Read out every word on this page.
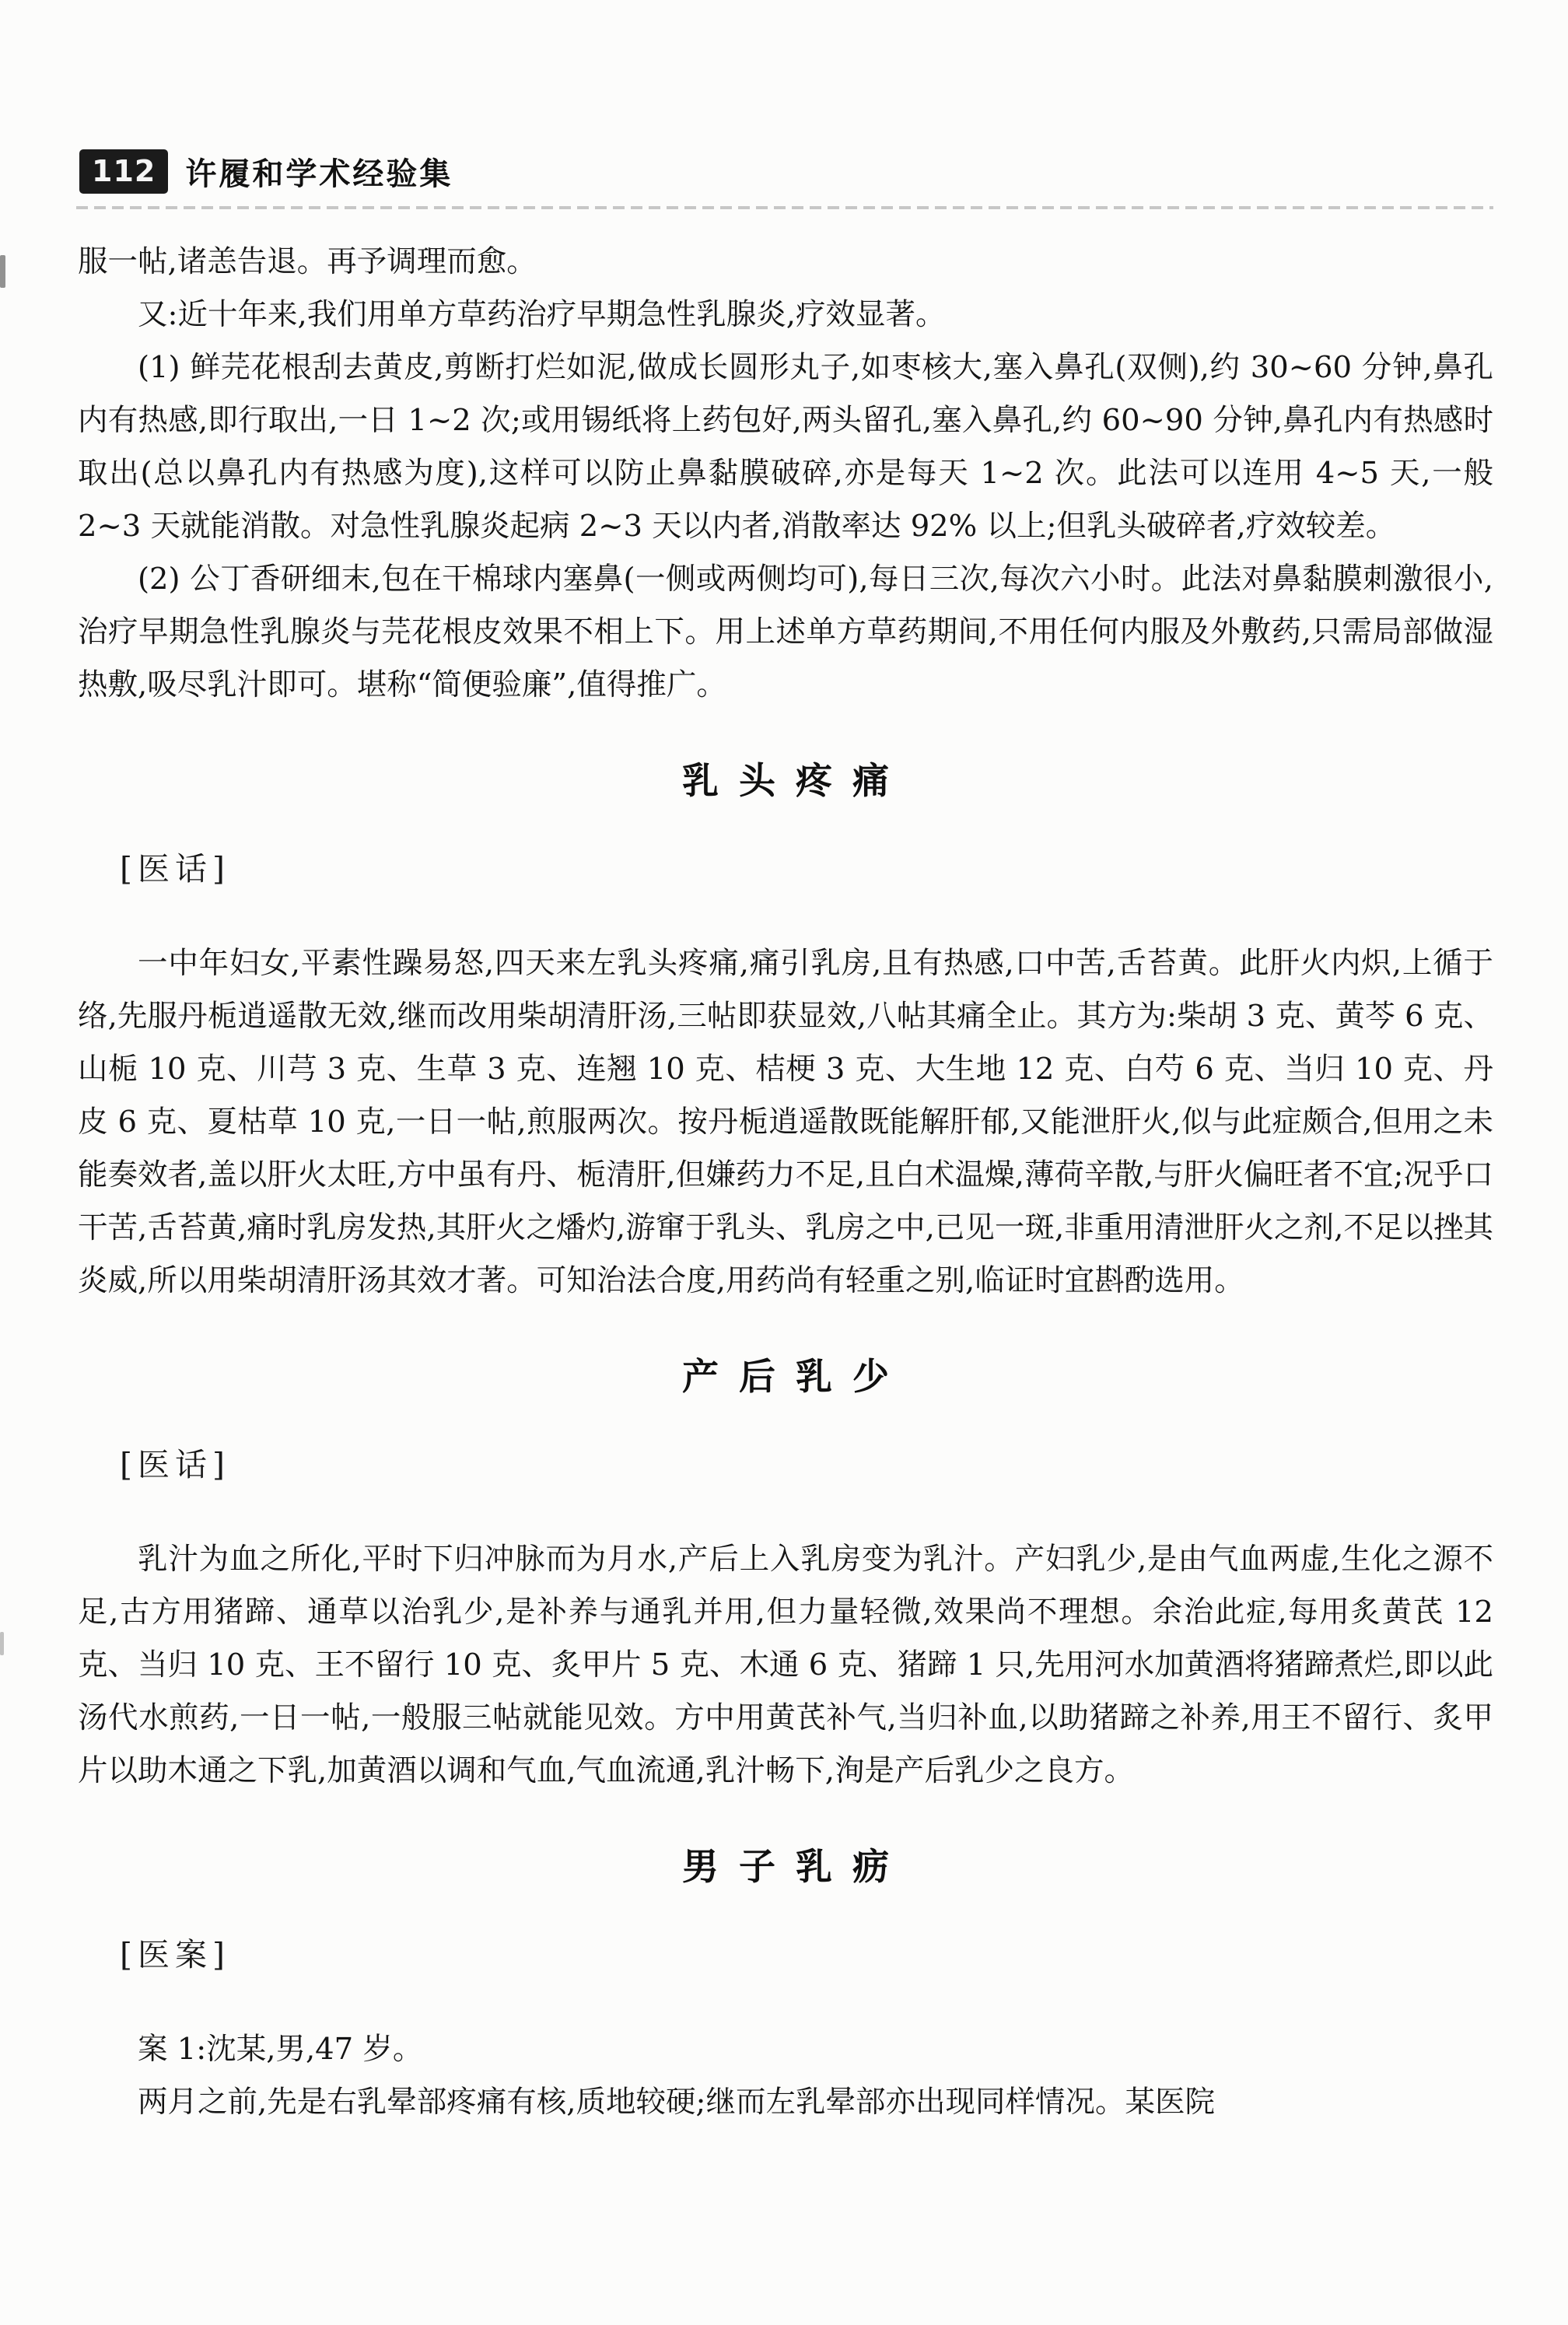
112 许履和学术经验集

服一帖,诸恙告退。再予调理而愈。

又:近十年来,我们用单方草药治疗早期急性乳腺炎,疗效显著。

(1) 鲜芫花根刮去黄皮,剪断打烂如泥,做成长圆形丸子,如枣核大,塞入鼻孔(双侧),约 30~60 分钟,鼻孔内有热感,即行取出,一日 1~2 次;或用锡纸将上药包好,两头留孔,塞入鼻孔,约 60~90 分钟,鼻孔内有热感时取出(总以鼻孔内有热感为度),这样可以防止鼻黏膜破碎,亦是每天 1~2 次。此法可以连用 4~5 天,一般 2~3 天就能消散。对急性乳腺炎起病 2~3 天以内者,消散率达 92% 以上;但乳头破碎者,疗效较差。

(2) 公丁香研细末,包在干棉球内塞鼻(一侧或两侧均可),每日三次,每次六小时。此法对鼻黏膜刺激很小,治疗早期急性乳腺炎与芫花根皮效果不相上下。用上述单方草药期间,不用任何内服及外敷药,只需局部做湿热敷,吸尽乳汁即可。堪称“简便验廉”,值得推广。

乳头疼痛
[医话]

一中年妇女,平素性躁易怒,四天来左乳头疼痛,痛引乳房,且有热感,口中苦,舌苔黄。此肝火内炽,上循于络,先服丹栀逍遥散无效,继而改用柴胡清肝汤,三帖即获显效,八帖其痛全止。其方为:柴胡 3 克、黄芩 6 克、山栀 10 克、川芎 3 克、生草 3 克、连翘 10 克、桔梗 3 克、大生地 12 克、白芍 6 克、当归 10 克、丹皮 6 克、夏枯草 10 克,一日一帖,煎服两次。按丹栀逍遥散既能解肝郁,又能泄肝火,似与此症颇合,但用之未能奏效者,盖以肝火太旺,方中虽有丹、栀清肝,但嫌药力不足,且白术温燥,薄荷辛散,与肝火偏旺者不宜;况乎口干苦,舌苔黄,痛时乳房发热,其肝火之燔灼,游窜于乳头、乳房之中,已见一斑,非重用清泄肝火之剂,不足以挫其炎威,所以用柴胡清肝汤其效才著。可知治法合度,用药尚有轻重之别,临证时宜斟酌选用。

产后乳少
[医话]

乳汁为血之所化,平时下归冲脉而为月水,产后上入乳房变为乳汁。产妇乳少,是由气血两虚,生化之源不足,古方用猪蹄、通草以治乳少,是补养与通乳并用,但力量轻微,效果尚不理想。余治此症,每用炙黄芪 12 克、当归 10 克、王不留行 10 克、炙甲片 5 克、木通 6 克、猪蹄 1 只,先用河水加黄酒将猪蹄煮烂,即以此汤代水煎药,一日一帖,一般服三帖就能见效。方中用黄芪补气,当归补血,以助猪蹄之补养,用王不留行、炙甲片以助木通之下乳,加黄酒以调和气血,气血流通,乳汁畅下,洵是产后乳少之良方。

男子乳疬
[医案]

案 1:沈某,男,47 岁。

两月之前,先是右乳晕部疼痛有核,质地较硬;继而左乳晕部亦出现同样情况。某医院
